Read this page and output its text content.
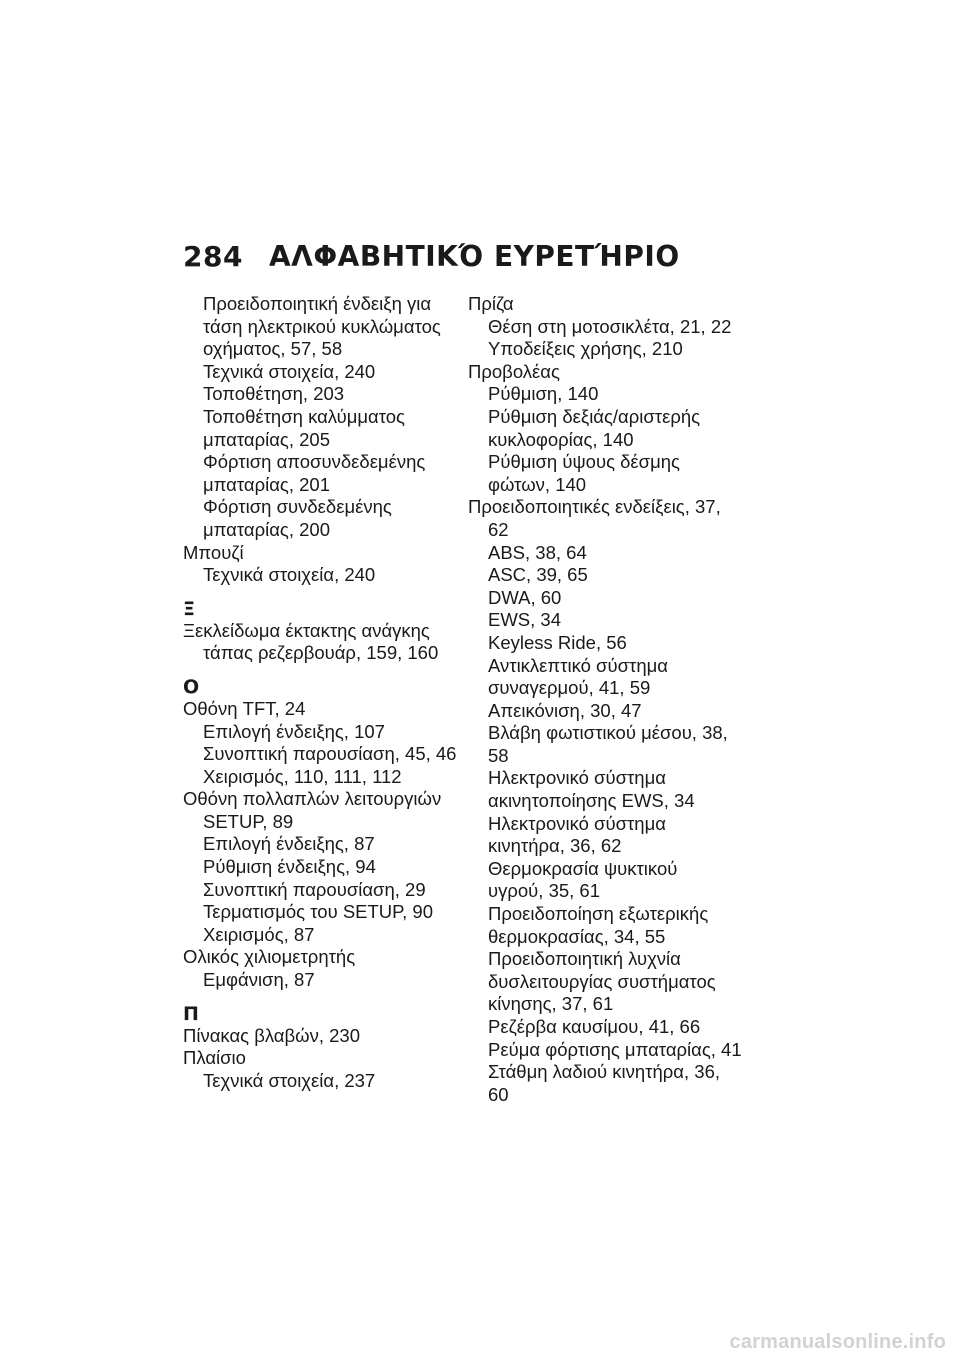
284 ΑΛΦΑΒΗΤΙΚΌ ΕΥΡΕΤΉΡΙΟ
Προειδοποιητική ένδειξη για
τάση ηλεκτρικού κυκλώματος
οχήματος, 57, 58
Τεχνικά στοιχεία, 240
Τοποθέτηση, 203
Τοποθέτηση καλύμματος
μπαταρίας, 205
Φόρτιση αποσυνδεδεμένης
μπαταρίας, 201
Φόρτιση συνδεδεμένης
μπαταρίας, 200
Μπουζί
Τεχνικά στοιχεία, 240
Ξ
Ξεκλείδωμα έκτακτης ανάγκης
τάπας ρεζερβουάρ, 159, 160
Ο
Οθόνη TFT, 24
Επιλογή ένδειξης, 107
Συνοπτική παρουσίαση, 45, 46
Χειρισμός, 110, 111, 112
Οθόνη πολλαπλών λειτουργιών
SETUP, 89
Επιλογή ένδειξης, 87
Ρύθμιση ένδειξης, 94
Συνοπτική παρουσίαση, 29
Τερματισμός του SETUP, 90
Χειρισμός, 87
Ολικός χιλιομετρητής
Εμφάνιση, 87
Π
Πίνακας βλαβών, 230
Πλαίσιο
Τεχνικά στοιχεία, 237
Πρίζα
Θέση στη μοτοσικλέτα, 21, 22
Υποδείξεις χρήσης, 210
Προβολέας
Ρύθμιση, 140
Ρύθμιση δεξιάς/αριστερής
κυκλοφορίας, 140
Ρύθμιση ύψους δέσμης
φώτων, 140
Προειδοποιητικές ενδείξεις, 37,
62
ABS, 38, 64
ASC, 39, 65
DWA, 60
EWS, 34
Keyless Ride, 56
Αντικλεπτικό σύστημα
συναγερμού, 41, 59
Απεικόνιση, 30, 47
Βλάβη φωτιστικού μέσου, 38,
58
Ηλεκτρονικό σύστημα
ακινητοποίησης EWS, 34
Ηλεκτρονικό σύστημα
κινητήρα, 36, 62
Θερμοκρασία ψυκτικού
υγρού, 35, 61
Προειδοποίηση εξωτερικής
θερμοκρασίας, 34, 55
Προειδοποιητική λυχνία
δυσλειτουργίας συστήματος
κίνησης, 37, 61
Ρεζέρβα καυσίμου, 41, 66
Ρεύμα φόρτισης μπαταρίας, 41
Στάθμη λαδιού κινητήρα, 36,
60
carmanualsonline.info
